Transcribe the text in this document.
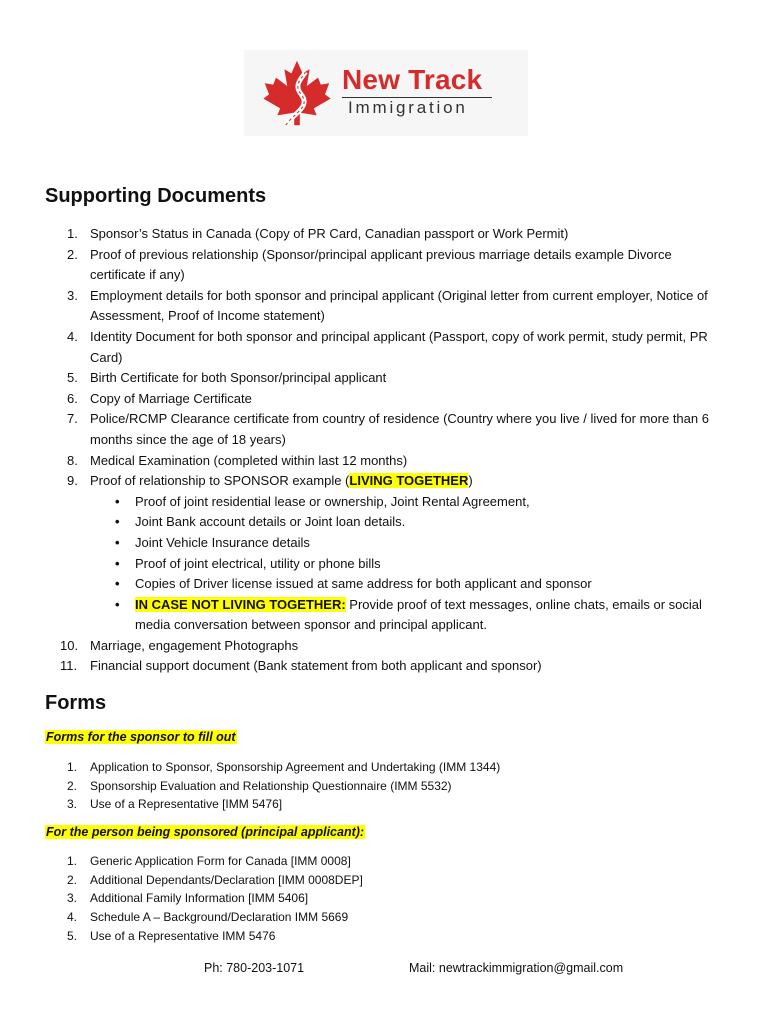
New Track
Immigration
Supporting Documents
1. Sponsor’s Status in Canada (Copy of PR Card, Canadian passport or Work Permit)
2. Proof of previous relationship (Sponsor/principal applicant previous marriage details example Divorce certificate if any)
3. Employment details for both sponsor and principal applicant (Original letter from current employer, Notice of Assessment, Proof of Income statement)
4. Identity Document for both sponsor and principal applicant (Passport, copy of work permit, study permit, PR Card)
5. Birth Certificate for both Sponsor/principal applicant
6. Copy of Marriage Certificate
7. Police/RCMP Clearance certificate from country of residence (Country where you live / lived for more than 6 months since the age of 18 years)
8. Medical Examination (completed within last 12 months)
9. Proof of relationship to SPONSOR example (LIVING TOGETHER)
• Proof of joint residential lease or ownership, Joint Rental Agreement,
• Joint Bank account details or Joint loan details.
• Joint Vehicle Insurance details
• Proof of joint electrical, utility or phone bills
• Copies of Driver license issued at same address for both applicant and sponsor
• IN CASE NOT LIVING TOGETHER: Provide proof of text messages, online chats, emails or social media conversation between sponsor and principal applicant.
10. Marriage, engagement Photographs
11. Financial support document (Bank statement from both applicant and sponsor)
Forms
Forms for the sponsor to fill out
1. Application to Sponsor, Sponsorship Agreement and Undertaking (IMM 1344)
2. Sponsorship Evaluation and Relationship Questionnaire (IMM 5532)
3. Use of a Representative [IMM 5476]
For the person being sponsored (principal applicant):
1. Generic Application Form for Canada [IMM 0008]
2. Additional Dependants/Declaration [IMM 0008DEP]
3. Additional Family Information [IMM 5406]
4. Schedule A – Background/Declaration IMM 5669
5. Use of a Representative IMM 5476
Ph: 780-203-1071	Mail: newtrackimmigration@gmail.com
